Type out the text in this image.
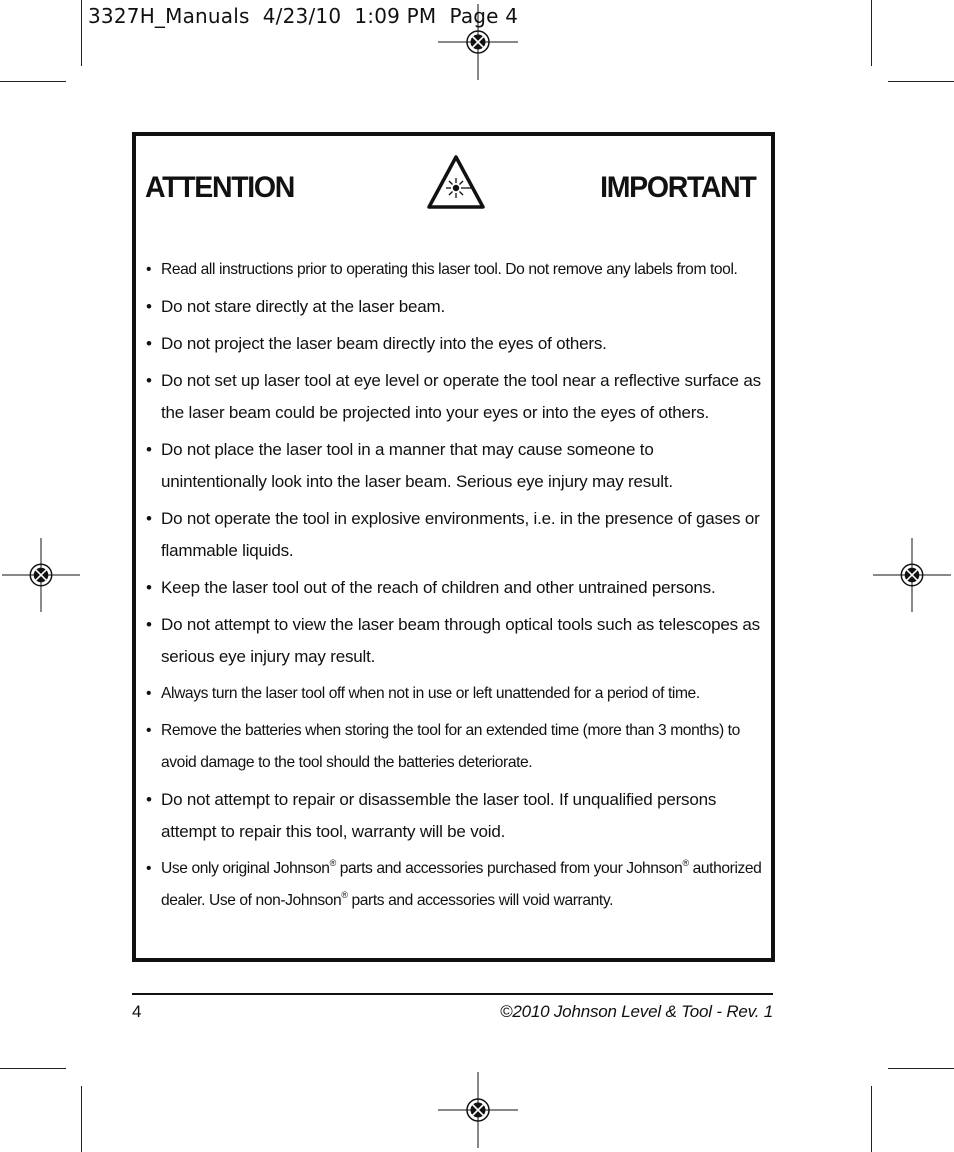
3327H_Manuals  4/23/10  1:09 PM  Page 4
ATTENTION	IMPORTANT
• Read all instructions prior to operating this laser tool. Do not remove any labels from tool.
• Do not stare directly at the laser beam.
• Do not project the laser beam directly into the eyes of others.
• Do not set up laser tool at eye level or operate the tool near a reflective surface as the laser beam could be projected into your eyes or into the eyes of others.
• Do not place the laser tool in a manner that may cause someone to unintentionally look into the laser beam. Serious eye injury may result.
• Do not operate the tool in explosive environments, i.e. in the presence of gases or flammable liquids.
• Keep the laser tool out of the reach of children and other untrained persons.
• Do not attempt to view the laser beam through optical tools such as telescopes as serious eye injury may result.
• Always turn the laser tool off when not in use or left unattended for a period of time.
• Remove the batteries when storing the tool for an extended time (more than 3 months) to avoid damage to the tool should the batteries deteriorate.
• Do not attempt to repair or disassemble the laser tool. If unqualified persons attempt to repair this tool, warranty will be void.
• Use only original Johnson® parts and accessories purchased from your Johnson® authorized dealer. Use of non-Johnson® parts and accessories will void warranty.
4	©2010 Johnson Level & Tool - Rev. 1
